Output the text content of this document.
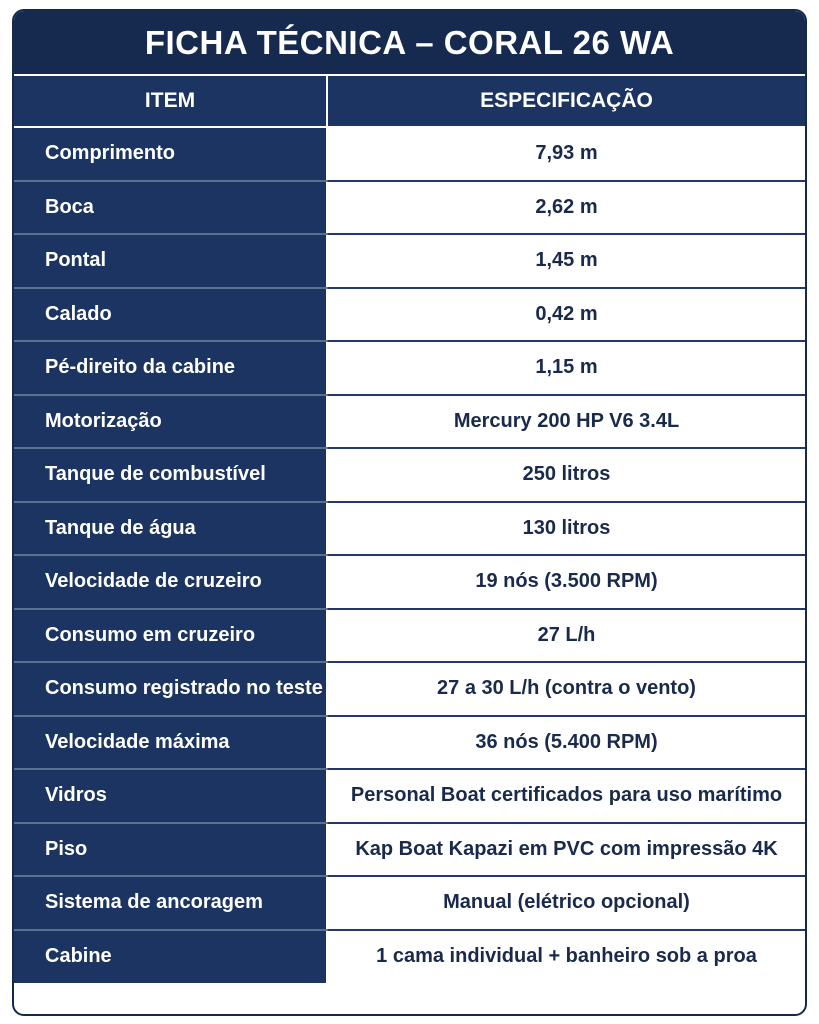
FICHA TÉCNICA – CORAL 26 WA
ITEM	ESPECIFICAÇÃO
Comprimento	7,93 m
Boca	2,62 m
Pontal	1,45 m
Calado	0,42 m
Pé-direito da cabine	1,15 m
Motorização	Mercury 200 HP V6 3.4L
Tanque de combustível	250 litros
Tanque de água	130 litros
Velocidade de cruzeiro	19 nós (3.500 RPM)
Consumo em cruzeiro	27 L/h
Consumo registrado no teste	27 a 30 L/h (contra o vento)
Velocidade máxima	36 nós (5.400 RPM)
Vidros	Personal Boat certificados para uso marítimo
Piso	Kap Boat Kapazi em PVC com impressão 4K
Sistema de ancoragem	Manual (elétrico opcional)
Cabine	1 cama individual + banheiro sob a proa
